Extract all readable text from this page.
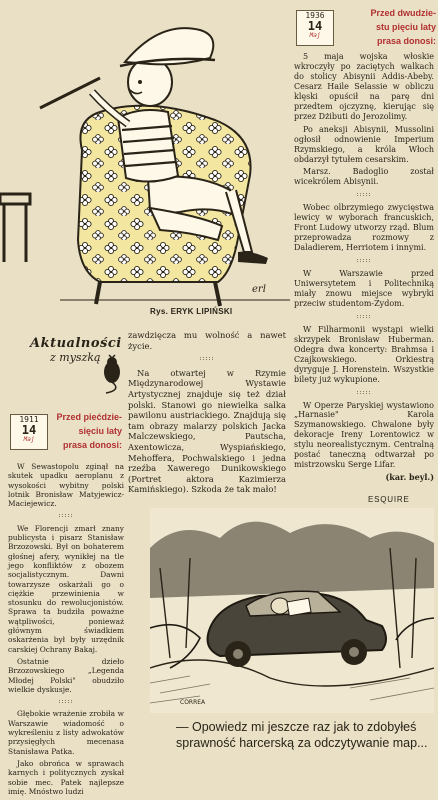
erl
Rys. ERYK LIPIŃSKI
1936
14
Maj
Przed dwudzie-
stu pięciu laty
prasa donosi:

5 maja wojska włoskie wkroczyły po zaciętych walkach do stolicy Abisynii Addis-Abeby. Cesarz Haile Selassie w obliczu klęski opuścił na parę dni przedtem ojczyznę, kierując się przez Dżibuti do Jerozolimy.

Po aneksji Abisynii, Mussolini ogłosił odnowienie Imperium Rzymskiego, a króla Włoch obdarzył tytułem cesarskim.

Marsz. Badoglio został wicekrólem Abisynii.

:::::

Wobec olbrzymiego zwycięstwa lewicy w wyborach francuskich, Front Ludowy utworzy rząd. Blum przeprowadza rozmowy z Daladierem, Herriotem i innymi.

:::::

W Warszawie przed Uniwersytetem i Politechniką miały znowu miejsce wybryki przeciw studentom-Żydom.

:::::

W Filharmonii wystąpi wielki skrzypek Bronisław Huberman. Odegra dwa koncerty: Brahmsa i Czajkowskiego. Orkiestrą dyryguje J. Horenstein. Wszystkie bilety już wykupione.

:::::

W Operze Paryskiej wystawiono „Harnasie" Karola Szymanowskiego. Chwalone były dekoracje Ireny Lorentowicz w stylu neorealistycznym. Centralną postać taneczną odtwarzał po mistrzowsku Serge Lifar.

(kar. beyl.)
Aktualności
z myszką
1911
14
Maj
Przed piećdzie-
sięciu laty
prasa donosi:

W Sewastopolu zginął na skutek upadku aeroplanu z wysokości wybitny polski lotnik Bronisław Matyjewicz-Maciejewicz.

:::::

We Florencji zmarł znany publicysta i pisarz Stanisław Brzozowski. Był on bohaterem głośnej afery, wynikłej na tle jego konfliktów z obozem socjalistycznym. Dawni towarzysze oskarżali go o ciężkie przewinienia w stosunku do rewolucjonistów. Sprawa ta budziła poważne wątpliwości, ponieważ głównym świadkiem oskarżenia był były urzędnik carskiej Ochrany Bakaj.

Ostatnie dzieło Brzozowskiego „Legenda Młodej Polski" obudziło wielkie dyskusje.

:::::

Głębokie wrażenie zrobiła w Warszawie wiadomość o wykreśleniu z listy adwokatów przysięgłych mecenasa Stanisława Patka.

Jako obrońca w sprawach karnych i politycznych zyskał sobie mec. Patek najlepsze imię. Mnóstwo ludzi

zawdzięcza mu wolność a nawet życie.

:::::

Na otwartej w Rzymie Międzynarodowej Wystawie Artystycznej znajduje się też dział polski. Stanowi go niewielka salka pawilonu austriackiego. Znajdują się tam obrazy malarzy polskich Jacka Malczewskiego, Pautscha, Axentowicza, Wyspiańskiego, Mehoffera, Pochwalskiego i jedna rzeźba Xawerego Dunikowskiego (Portret aktora Kazimierza Kamińskiego). Szkoda że tak mało!

ESQUIRE
CORREA
— Opowiedz mi jeszcze raz jak to zdobyłeś sprawność harcerską za odczytywanie map...
